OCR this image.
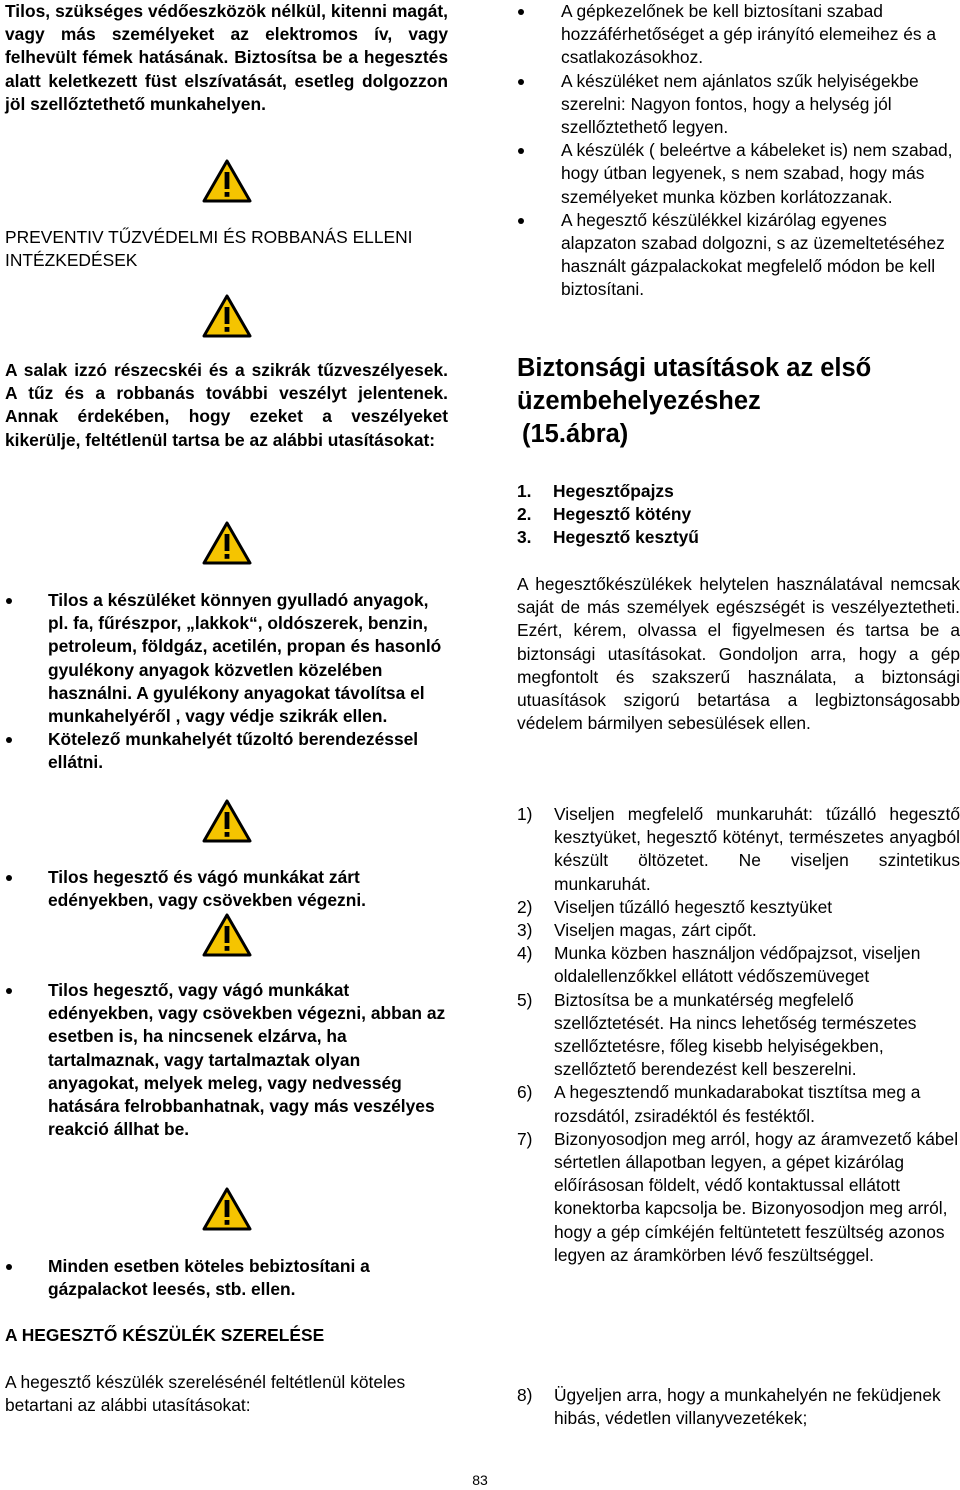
Tilos, szükséges védőeszközök nélkül, kitenni magát, vagy más személyeket az elektromos ív, vagy felhevült fémek hatásának. Biztosítsa be a hegesztés alatt keletkezett füst elszívatását, esetleg dolgozzon jöl szellőztethető munkahelyen.

PREVENTIV TŰZVÉDELMI ÉS ROBBANÁS ELLENI INTÉZKEDÉSEK

A salak izzó részecskéi és a szikrák tűzveszélyesek. A tűz és a robbanás további veszélyt jelentenek. Annak érdekében, hogy ezeket a veszélyeket kikerülje, feltétlenül tartsa be az alábbi utasításokat:

Tilos a készüléket könnyen gyulladó anyagok, pl. fa, fűrészpor, „lakkok“, oldószerek, benzin, petroleum, földgáz, acetilén, propan és hasonló gyulékony anyagok közvetlen közelében használni. A gyulékony anyagokat távolítsa el munkahelyéről , vagy védje szikrák ellen.
Kötelező munkahelyét tűzoltó berendezéssel ellátni.
Tilos hegesztő és vágó munkákat zárt edényekben, vagy csövekben végezni.
Tilos hegesztő, vagy vágó munkákat edényekben, vagy csövekben végezni, abban az esetben is, ha nincsenek elzárva, ha tartalmaznak, vagy tartalmaztak olyan anyagokat, melyek meleg, vagy nedvesség hatására felrobbanhatnak, vagy más veszélyes reakció állhat be.
Minden esetben köteles bebiztosítani a gázpalackot leesés, stb. ellen.

A HEGESZTŐ KÉSZÜLÉK SZERELÉSE

A hegesztő készülék szerelésénél feltétlenül köteles betartani az alábbi utasításokat:

A gépkezelőnek be kell biztosítani szabad hozzáférhetőséget a gép irányító elemeihez és a csatlakozásokhoz.
A készüléket nem ajánlatos szűk helyiségekbe szerelni: Nagyon fontos, hogy a helység jól szellőztethető legyen.
A készülék ( beleértve a kábeleket is) nem szabad, hogy útban legyenek, s nem szabad, hogy más személyeket munka közben korlátozzanak.
A hegesztő készülékkel kizárólag egyenes alapzaton szabad dolgozni, s az üzemeltetéséhez használt gázpalackokat megfelelő módon be kell biztosítani.
Biztonsági utasítások az első
üzembehelyezéshez
(15.ábra)
1. Hegesztőpajzs
2. Hegesztő kötény
3. Hegesztő kesztyű

A hegesztőkészülékek helytelen használatával nemcsak saját de más személyek egészségét is veszélyeztetheti. Ezért, kérem, olvassa el figyelmesen és tartsa be a biztonsági utasításokat. Gondoljon arra, hogy a gép megfontolt és szakszerű használata, a biztonsági utuasítások szigorú betartása a legbiztonságosabb védelem bármilyen sebesülések ellen.

1) Viseljen megfelelő munkaruhát: tűzálló hegesztő kesztyüket, hegesztő kötényt, természetes anyagból készült öltözetet. Ne viseljen szintetikus munkaruhát.
2) Viseljen tűzálló hegesztő kesztyüket
3) Viseljen magas, zárt cipőt.
4) Munka közben használjon védőpajzsot, viseljen oldalellenzőkkel ellátott védőszemüveget
5) Biztosítsa be a munkatérség megfelelő szellőztetését. Ha nincs lehetőség természetes szellőztetésre, főleg kisebb helyiségekben, szellőztető berendezést kell beszerelni.
6) A hegesztendő munkadarabokat tisztítsa meg a rozsdától, zsiradéktól és festéktől.
7) Bizonyosodjon meg arról, hogy az áramvezető kábel sértetlen állapotban legyen, a gépet kizárólag előírásosan földelt, védő kontaktussal ellátott konektorba kapcsolja be. Bizonyosodjon meg arról, hogy a gép címkéjén feltüntetett feszültség azonos legyen az áramkörben lévő feszültséggel.
8) Ügyeljen arra, hogy a munkahelyén ne feküdjenek hibás, védetlen villanyvezetékek;
83
